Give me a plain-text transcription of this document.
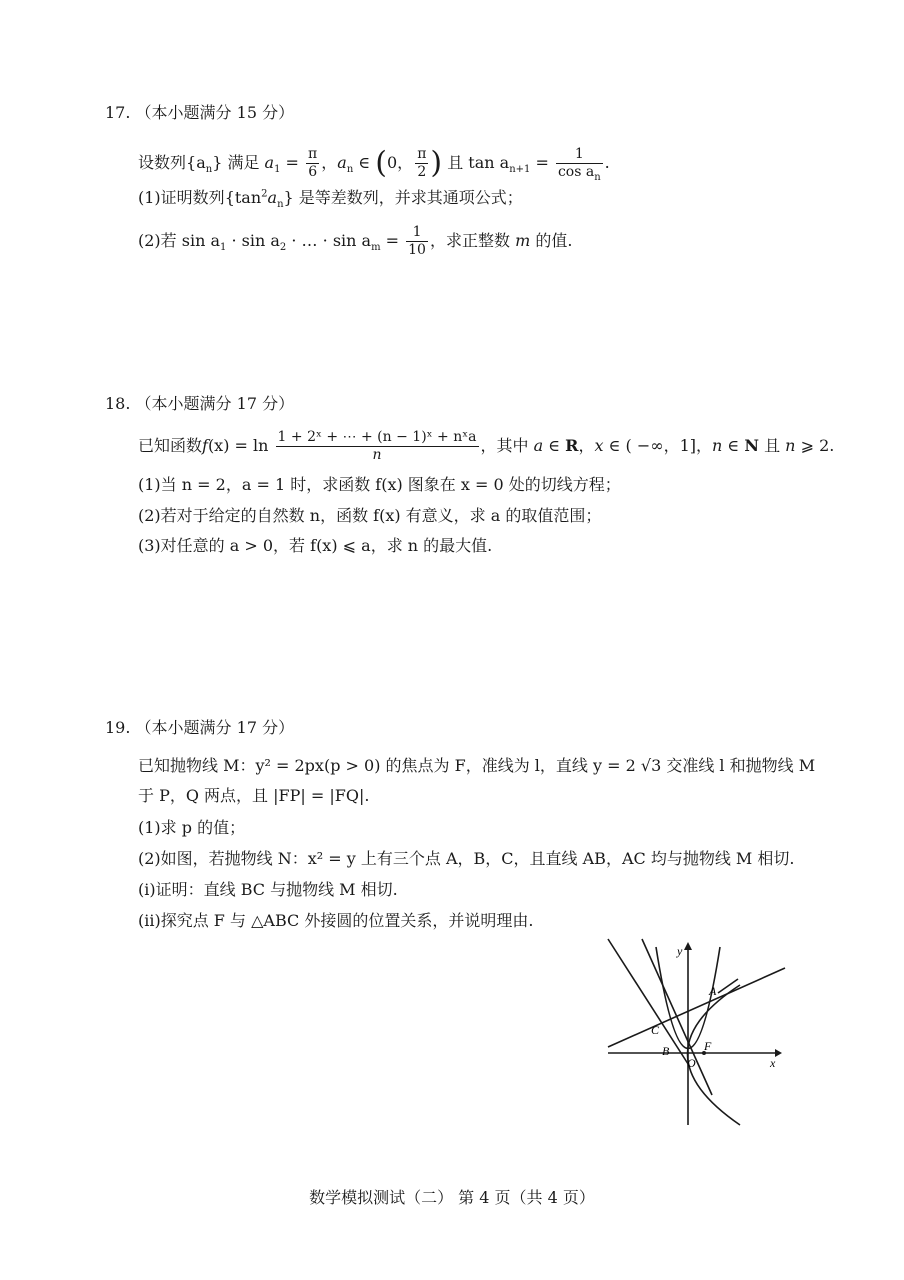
17. （本小题满分 15 分）
设数列$\{a_n\}$ 满足 $a_1 = \frac{\pi}{6}$ ，$a_n$ ∈ (0， $\frac{\pi}{2}$ ) 且 $\tan a_{n+1} = \frac{1}{\cos a_n}$ .
(1)证明数列$\{\tan^2a_n\}$ 是等差数列，并求其通项公式；
(2)若 $\sin a_1 \cdot \sin a_2$ · … · $\sin a_m = \frac{1}{10}$ ，求正整数 m 的值.
18. （本小题满分 17 分）
已知函数$f(x) = \ln \frac{\text{1 + 2ˣ + ⋯ + (n − 1)ˣ + nˣa}}{n}$ ，其中 a ∈ R，x ∈ ( −∞，1]，n ∈ N 且 n ⩾ 2.
(1)当 n = 2，a = 1 时，求函数 f(x) 图象在 x = 0 处的切线方程；
(2)若对于给定的自然数 n，函数 f(x) 有意义，求 a 的取值范围；
(3)对任意的 a > 0，若 f(x) ⩽ a，求 n 的最大值.
19. （本小题满分 17 分）
已知抛物线 M：y² = 2px(p > 0) 的焦点为 F，准线为 l，直线 y = 2 √3 交准线 l 和抛物线 M
于 P，Q 两点，且 |FP| = |FQ|.
(1)求 p 的值；
(2)如图，若抛物线 N：x² = y 上有三个点 A，B，C，且直线 AB，AC 均与抛物线 M 相切.
(i)证明：直线 BC 与抛物线 M 相切.
(ii)探究点 F 与 △ABC 外接圆的位置关系，并说明理由.
y
x
A
C
B
O
F
数学模拟测试（二） 第 4 页（共 4 页）
